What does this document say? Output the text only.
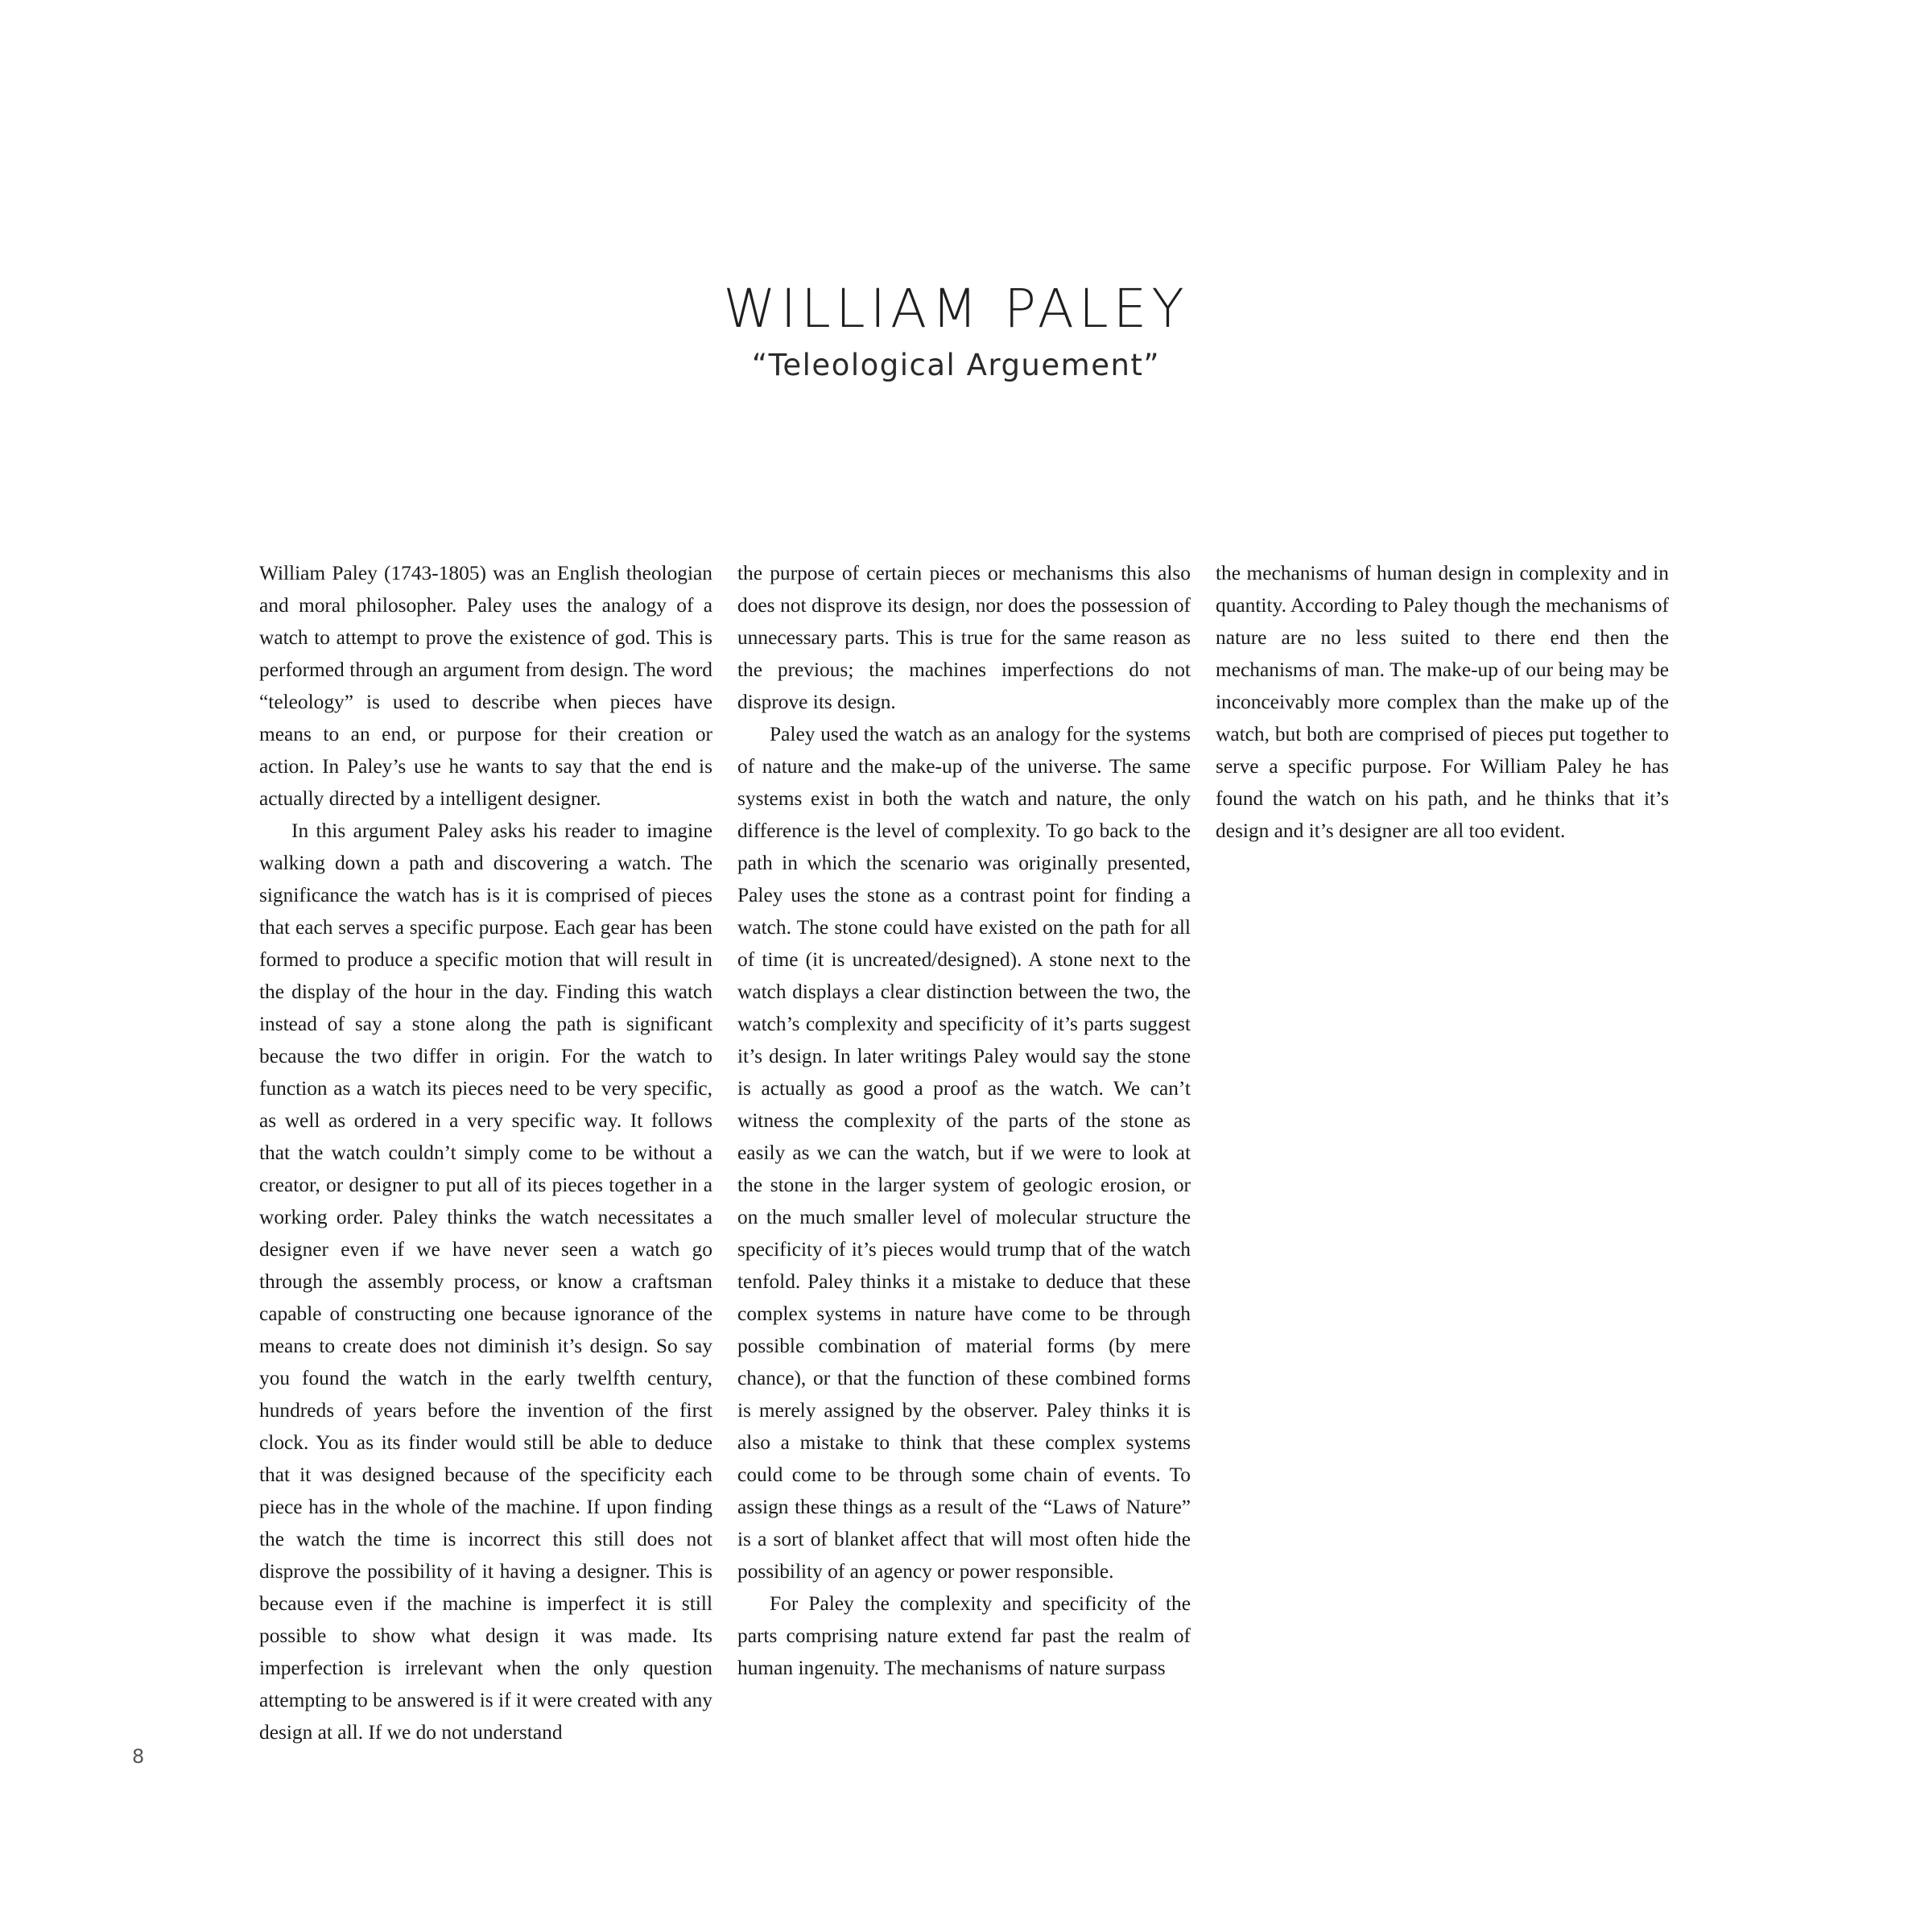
WILLIAM PALEY
“Teleological Arguement”

William Paley (1743-1805) was an English theologian and moral philosopher. Paley uses the analogy of a watch to attempt to prove the existence of god. This is performed through an argument from design. The word “teleology” is used to describe when pieces have means to an end, or purpose for their creation or action. In Paley’s use he wants to say that the end is actually directed by a intelligent designer.

In this argument Paley asks his reader to imagine walking down a path and discovering a watch. The significance the watch has is it is comprised of pieces that each serves a specific purpose. Each gear has been formed to produce a specific motion that will result in the display of the hour in the day. Finding this watch instead of say a stone along the path is significant because the two differ in origin. For the watch to function as a watch its pieces need to be very specific, as well as ordered in a very specific way. It follows that the watch couldn’t simply come to be without a creator, or designer to put all of its pieces together in a working order. Paley thinks the watch necessitates a designer even if we have never seen a watch go through the assembly process, or know a craftsman capable of constructing one because ignorance of the means to create does not diminish it’s design. So say you found the watch in the early twelfth century, hundreds of years before the invention of the first clock. You as its finder would still be able to deduce that it was designed because of the specificity each piece has in the whole of the machine. If upon finding the watch the time is incorrect this still does not disprove the possibility of it having a designer. This is because even if the machine is imperfect it is still possible to show what design it was made. Its imperfection is irrelevant when the only question attempting to be answered is if it were created with any design at all. If we do not understand

the purpose of certain pieces or mechanisms this also does not disprove its design, nor does the possession of unnecessary parts. This is true for the same reason as the previous; the machines imperfections do not disprove its design.

Paley used the watch as an analogy for the systems of nature and the make-up of the universe. The same systems exist in both the watch and nature, the only difference is the level of complexity. To go back to the path in which the scenario was originally presented, Paley uses the stone as a contrast point for finding a watch. The stone could have existed on the path for all of time (it is uncreated/designed). A stone next to the watch displays a clear distinction between the two, the watch’s complexity and specificity of it’s parts suggest it’s design. In later writings Paley would say the stone is actually as good a proof as the watch. We can’t witness the complexity of the parts of the stone as easily as we can the watch, but if we were to look at the stone in the larger system of geologic erosion, or on the much smaller level of molecular structure the specificity of it’s pieces would trump that of the watch tenfold. Paley thinks it a mistake to deduce that these complex systems in nature have come to be through possible combination of material forms (by mere chance), or that the function of these combined forms is merely assigned by the observer. Paley thinks it is also a mistake to think that these complex systems could come to be through some chain of events. To assign these things as a result of the “Laws of Nature” is a sort of blanket affect that will most often hide the possibility of an agency or power responsible.

For Paley the complexity and specificity of the parts comprising nature extend far past the realm of human ingenuity. The mechanisms of nature surpass

the mechanisms of human design in complexity and in quantity. According to Paley though the mechanisms of nature are no less suited to there end then the mechanisms of man. The make-up of our being may be inconceivably more complex than the make up of the watch, but both are comprised of pieces put together to serve a specific purpose. For William Paley he has found the watch on his path, and he thinks that it’s design and it’s designer are all too evident.

8
